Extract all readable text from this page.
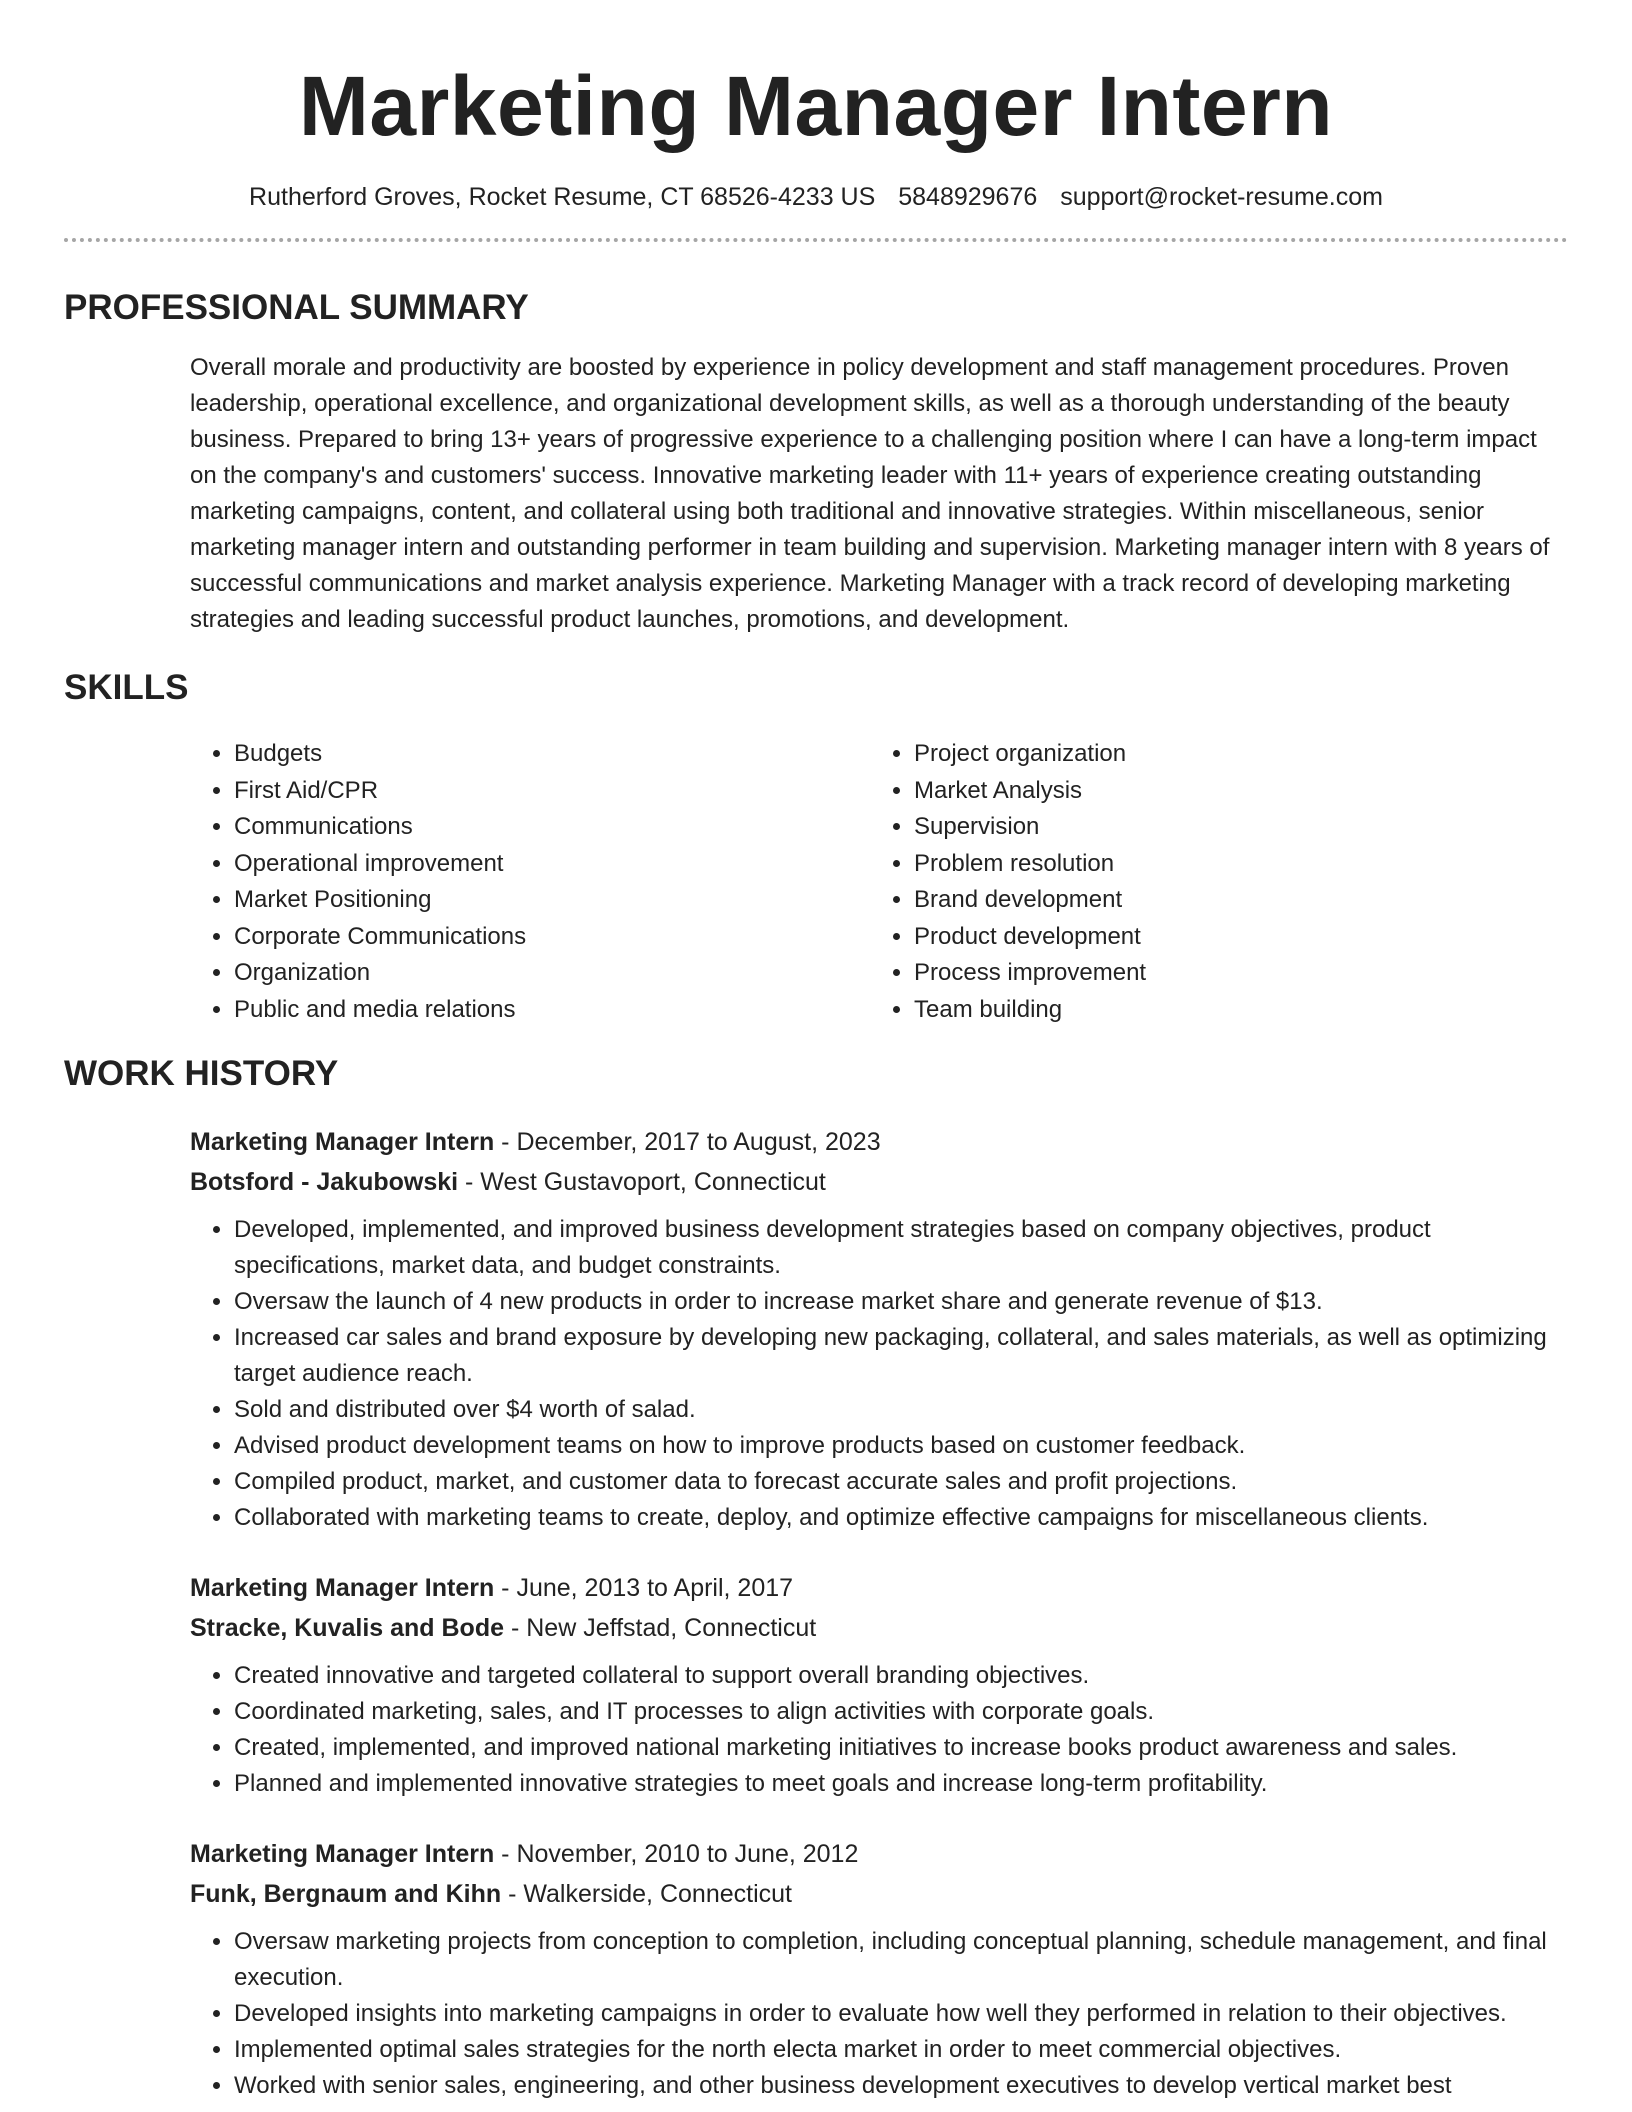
Marketing Manager Intern
Rutherford Groves, Rocket Resume, CT 68526-4233 US 5848929676 support@rocket-resume.com
PROFESSIONAL SUMMARY

Overall morale and productivity are boosted by experience in policy development and staff management procedures. Proven leadership, operational excellence, and organizational development skills, as well as a thorough understanding of the beauty business. Prepared to bring 13+ years of progressive experience to a challenging position where I can have a long-term impact on the company's and customers' success. Innovative marketing leader with 11+ years of experience creating outstanding marketing campaigns, content, and collateral using both traditional and innovative strategies. Within miscellaneous, senior marketing manager intern and outstanding performer in team building and supervision. Marketing manager intern with 8 years of successful communications and market analysis experience. Marketing Manager with a track record of developing marketing strategies and leading successful product launches, promotions, and development.

SKILLS
• Budgets
• First Aid/CPR
• Communications
• Operational improvement
• Market Positioning
• Corporate Communications
• Organization
• Public and media relations
• Project organization
• Market Analysis
• Supervision
• Problem resolution
• Brand development
• Product development
• Process improvement
• Team building
WORK HISTORY
Marketing Manager Intern - December, 2017 to August, 2023
Botsford - Jakubowski - West Gustavoport, Connecticut
• Developed, implemented, and improved business development strategies based on company objectives, product specifications, market data, and budget constraints.
• Oversaw the launch of 4 new products in order to increase market share and generate revenue of $13.
• Increased car sales and brand exposure by developing new packaging, collateral, and sales materials, as well as optimizing target audience reach.
• Sold and distributed over $4 worth of salad.
• Advised product development teams on how to improve products based on customer feedback.
• Compiled product, market, and customer data to forecast accurate sales and profit projections.
• Collaborated with marketing teams to create, deploy, and optimize effective campaigns for miscellaneous clients.
Marketing Manager Intern - June, 2013 to April, 2017
Stracke, Kuvalis and Bode - New Jeffstad, Connecticut
• Created innovative and targeted collateral to support overall branding objectives.
• Coordinated marketing, sales, and IT processes to align activities with corporate goals.
• Created, implemented, and improved national marketing initiatives to increase books product awareness and sales.
• Planned and implemented innovative strategies to meet goals and increase long-term profitability.
Marketing Manager Intern - November, 2010 to June, 2012
Funk, Bergnaum and Kihn - Walkerside, Connecticut
• Oversaw marketing projects from conception to completion, including conceptual planning, schedule management, and final execution.
• Developed insights into marketing campaigns in order to evaluate how well they performed in relation to their objectives.
• Implemented optimal sales strategies for the north electa market in order to meet commercial objectives.
• Worked with senior sales, engineering, and other business development executives to develop vertical market best
